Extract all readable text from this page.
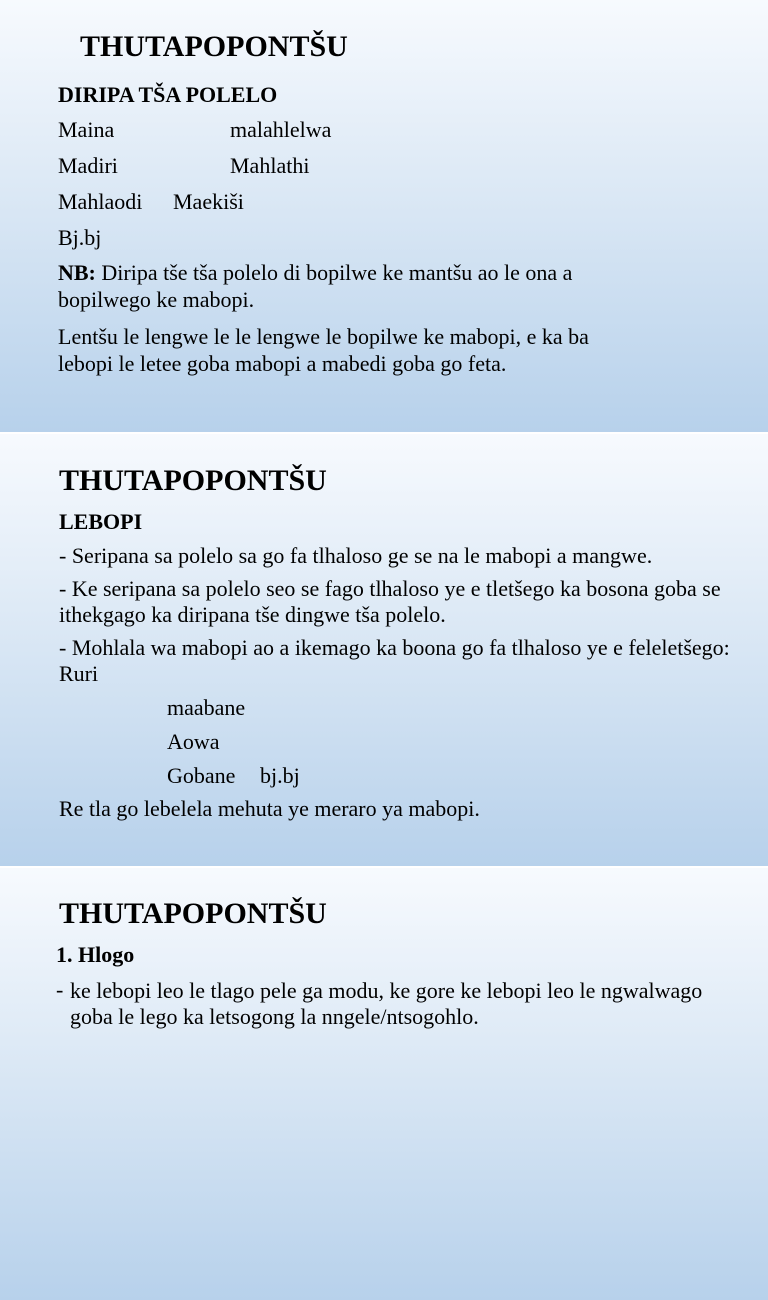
THUTAPOPONTŠU
DIRIPA TŠA POLELO
Maina	malahlelwa
Madiri	Mahlathi
Mahlaodi Maekiši
Bj.bj
NB: Diripa tše tša polelo di bopilwe ke mantšu ao le ona a bopilwego ke mabopi.
Lentšu le lengwe le le lengwe le bopilwe ke mabopi, e ka ba lebopi le letee goba mabopi a mabedi goba go feta.
THUTAPOPONTŠU
LEBOPI
- Seripana sa polelo sa go fa tlhaloso ge se na le mabopi a mangwe.
- Ke seripana sa polelo seo se fago tlhaloso ye e tletšego ka bosona goba se ithekgago ka diripana tše dingwe tša polelo.
- Mohlala wa mabopi ao a ikemago ka boona go fa tlhaloso ye e feleletšego: Ruri
maabane
Aowa
Gobane bj.bj
Re tla go lebelela mehuta ye meraro ya mabopi.
THUTAPOPONTŠU
1. Hlogo
- ke lebopi leo le tlago pele ga modu, ke gore ke lebopi leo le ngwalwago goba le lego ka letsogong la nngele/ntsogohlo.
